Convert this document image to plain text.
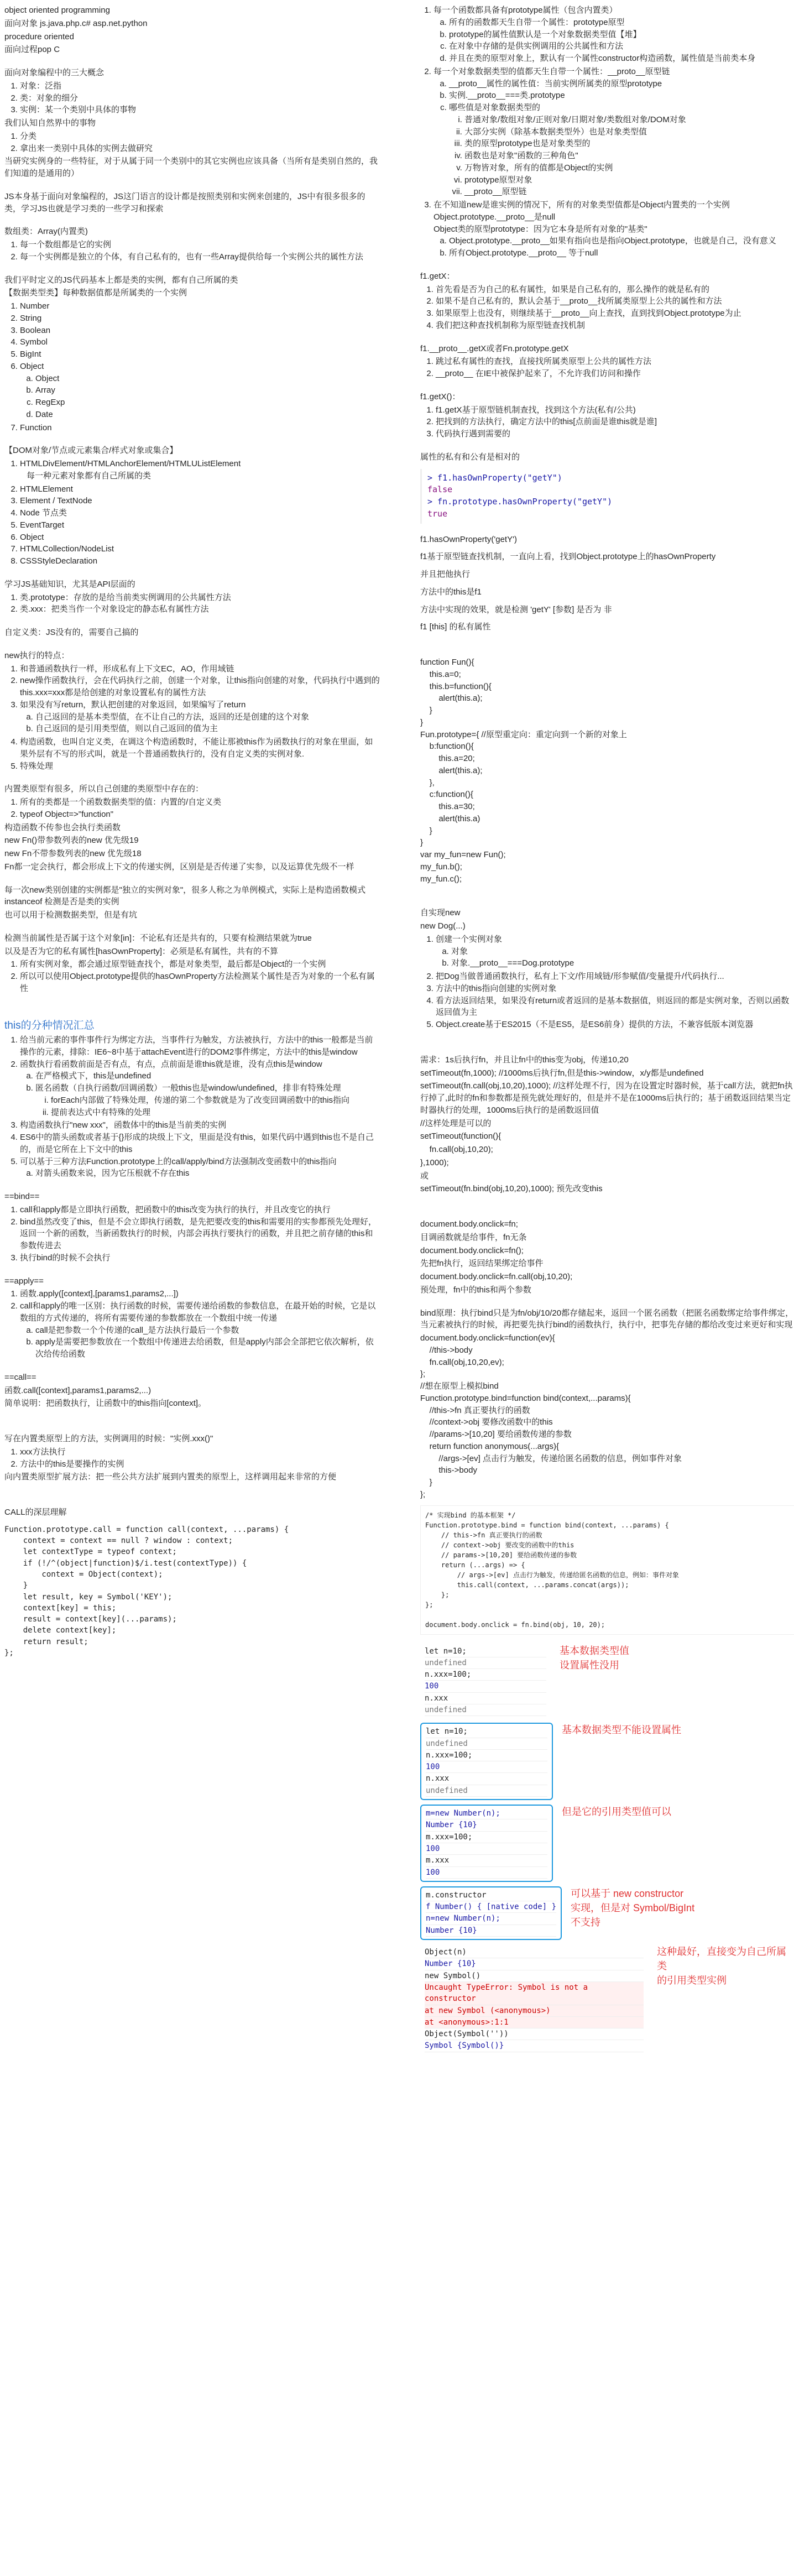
object oriented programming
面向对象 js.java.php.c# asp.net.python
procedure oriented
面向过程pop C
面向对象编程中的三大概念
1. 对象：泛指
2. 类：对象的细分
3. 实例：某一个类别中具体的事物
我们认知自然界中的事物
1. 分类
2. 拿出来一类别中具体的实例去做研究
当研究实例身的一些特征，对于从属于同一个类别中的其它实例也应该具备（当所有是类别自然的，我们知道的是通用的）
JS本身基于面向对象编程的，JS这门语言的设计都是按照类别和实例来创建的，JS中有很多很多的类，学习JS也就是学习类的一些学习和探索
数组类：Array(内置类)
1. 每一个数组都是它的实例
2. 每一个实例都是独立的个体，有自己私有的，也有一些Array提供给每一个实例公共的属性方法
我们平时定义的JS代码基本上都是类的实例，都有自己所属的类
【数据类型类】每种数据值都是所属类的一个实例
1. Number
2. String
3. Boolean
4. Symbol
5. BigInt
6. Object
a. Object
b. Array
c. RegExp
d. Date
7. Function
【DOM对象/节点或元素集合/样式对象或集合】
1. HTMLDivElement/HTMLAnchorElement/HTMLUListElement
每一种元素对象都有自己所属的类
2. HTMLElement
3. Element / TextNode
4. Node 节点类
5. EventTarget
6. Object
7. HTMLCollection/NodeList
8. CSSStyleDeclaration
学习JS基础知识，尤其是API层面的
1. 类.prototype：存放的是给当前类实例调用的公共属性方法
2. 类.xxx：把类当作一个对象设定的静态私有属性方法
自定义类：JS没有的，需要自己搞的
new执行的特点：
1. 和普通函数执行一样，形成私有上下文EC，AO，作用域链
2. new操作函数执行，会在代码执行之前，创建一个对象，让this指向创建的对象，代码执行中遇到的this.xxx=xxx都是给创建的对象设置私有的属性方法
3. 如果没有写return，默认把创建的对象返回，如果编写了return
a. 自己返回的是基本类型值，在不让自己的方法，返回的还是创建的这个对象
b. 自己返回的是引用类型值，则以自己返回的值为主
4. 构造函数，也叫自定义类，在调这个构造函数时，不能让那被this作为函数执行的对象在里面，如果外层有不写的形式叫，就是一个普通函数执行的，没有自定义类的实例对象.
5. 特殊处理
内置类原型有很多，所以自己创建的类原型中存在的：
1. 所有的类都是一个函数数据类型的值：内置的/自定义类
2. typeof Object=>"function"
构造函数不传参也会执行类函数
new Fn()带参数列表的new 优先级19
new Fn不带参数列表的new 优先级18
Fn都一定会执行，都会形成上下文的传递实例，区别是是否传递了实参，以及运算优先级不一样
每一次new类别创建的实例都是"独立的实例对象"，很多人称之为单例模式，实际上是构造函数模式instanceof 检测是否是类的实例
也可以用于检测数据类型，但是有坑
检测当前属性是否属于这个对象[in]：不论私有还是共有的，只要有检测结果就为true
以及是否为它的私有属性[hasOwnProperty]：必须是私有属性，共有的不算
1. 所有实例对象，都会通过原型链查找个，都是对象类型，最后都是Object的一个实例
2. 所以可以使用Object.prototype提供的hasOwnProperty方法检测某个属性是否为对象的一个私有属性
this的分种情况汇总
1. 给当前元素的事件事件行为绑定方法，当事件行为触发，方法被执行，方法中的this一般都是当前操作的元素，排除：IE6~8中基于attachEvent进行的DOM2事件绑定，方法中的this是window
2. 函数执行看函数前面是否有点，有点，点前面是谁this就是谁，没有点this是window
a. 在严格模式下，this是undefined
b. 匿名函数（自执行函数/回调函数）一般this也是window/undefined，排非有特殊处理
i. forEach内部做了特殊处理，传递的第二个参数就是为了改变回调函数中的this指向
ii. 提前表达式中有特殊的处理
3. 构造函数执行"new xxx"，函数体中的this是当前类的实例
4. ES6中的箭头函数或者基于{}形成的块级上下文，里面是没有this，如果代码中遇到this也不是自己的，而是它所在上下文中的this
5. 可以基于三种方法Function.prototype上的call/apply/bind方法强制改变函数中的this指向
a. 对箭头函数来说，因为它压根就不存在this
==bind==
1. call和apply都是立即执行函数，把函数中的this改变为执行的执行，并且改变它的执行
2. bind虽然改变了this，但是不会立即执行函数，是先把要改变的this和需要用的实参都预先处理好，返回一个新的函数，当新函数执行的时候，内部会再执行要执行的函数，并且把之前存储的this和参数传进去
3. 执行bind的时候不会执行
==apply==
1. 函数.apply([context],[params1,params2,...])
2. call和apply的唯一区别：执行函数的时候，需要传递给函数的参数信息，在最开始的时候，它是以数组的方式传递的，将所有需要传递的参数都放在一个数组中统一传递
a. call是把参数一个个传递的call_是方法执行最后一个参数
b. apply是需要把参数放在一个数组中传递进去给函数，但是apply内部会全部把它依次解析，依次给传给函数
==call==
函数.call([context],params1,params2,...)
简单说明：把函数执行，让函数中的this指向[context]。
写在内置类原型上的方法，实例调用的时候："实例.xxx()"
1. xxx方法执行
2. 方法中的this是要操作的实例
向内置类原型扩展方法：把一些公共方法扩展到内置类的原型上，这样调用起来非常的方便
CALL的深层理解
Function.prototype.call = function call(context, ...params) {
context = context == null ? window : context;
let contextType = typeof context;
if (!/^(object|function)$/i.test(contextType)) {
context = Object(context);
}
let result, key = Symbol('KEY');
context[key] = this;
result = context[key](...params);
delete context[key];
return result;
};
1. 每一个函数都具备有prototype属性（包含内置类）
a. 所有的函数都天生自带一个属性：prototype原型
b. prototype的属性值默认是一个对象数据类型值【堆】
c. 在对象中存储的是供实例调用的公共属性和方法
d. 并且在类的原型对象上，默认有一个属性constructor构造函数，属性值是当前类本身
2. 每一个对象数据类型的值都天生自带一个属性：__proto__原型链
a. __proto__属性的属性值：当前实例所属类的原型prototype
b. 实例.__proto__===类.prototype
c. 哪些值是对象数据类型的
i. 普通对象/数组对象/正则对象/日期对象/类数组对象/DOM对象
ii. 大部分实例（除基本数据类型外）也是对象类型值
iii. 类的原型prototype也是对象类型的
iv. 函数也是对象"函数的三种角色"
v. 万物皆对象，所有的值都是Object的实例
vi. prototype原型对象
vii. __proto__原型链
3. 在不知道new是谁实例的情况下，所有的对象类型值都是Object内置类的一个实例
Object.prototype.__proto__是null
Object类的原型prototype：因为它本身是所有对象的"基类"
a. Object.prototype.__proto__如果有指向也是指向Object.prototype，也就是自己，没有意义
b. 所有Object.prototype.__proto__ 等于null
f1.getX：
1. 首先看是否为自己的私有属性，如果是自己私有的，那么操作的就是私有的
2. 如果不是自己私有的，默认会基于__proto__找所属类原型上公共的属性和方法
3. 如果原型上也没有，则继续基于__proto__向上查找，直到找到Object.prototype为止
4. 我们把这种查找机制称为原型链查找机制
f1.__proto__.getX或者Fn.prototype.getX
1. 跳过私有属性的查找，直接找所属类原型上公共的属性方法
2. __proto__ 在IE中被保护起来了，不允许我们访问和操作
f1.getX()：
1. f1.getX基于原型链机制查找，找到这个方法(私有/公共)
2. 把找到的方法执行，确定方法中的this[点前面是谁this就是谁]
3. 代码执行遇到需要的
属性的私有和公有是相对的
> f1.hasOwnProperty("getY")
false
> fn.prototype.hasOwnProperty("getY")
true
f1.hasOwnProperty('getY')
f1基于原型链查找机制，一直向上看，找到Object.prototype上的hasOwnProperty
并且把他执行
方法中的this是f1
方法中实现的效果，就是检测 'getY' [参数] 是否为 非
f1 [this] 的私有属性
function Fun(){
this.a=0;
this.b=function(){
alert(this.a);
}
}
Fun.prototype={ //原型重定向：重定向到一个新的对象上
b:function(){
this.a=20;
alert(this.a);
},
c:function(){
this.a=30;
alert(this.a)
}
}
var my_fun=new Fun();
my_fun.b();
my_fun.c();
自实现new
new Dog(...)
1. 创建一个实例对象
a. 对象
b. 对象.__proto__===Dog.prototype
2. 把Dog当做普通函数执行，私有上下文/作用域链/形参赋值/变量提升/代码执行...
3. 方法中的this指向创建的实例对象
4. 看方法返回结果，如果没有return或者返回的是基本数据值，则返回的都是实例对象，否则以函数返回值为主
5. Object.create基于ES2015（不是ES5，是ES6前身）提供的方法，不兼容低版本浏览器
需求：1s后执行fn，并且让fn中的this变为obj，传递10,20
setTimeout(fn,1000); //1000ms后执行fn,但是this->window，x/y都是undefined
setTimeout(fn.call(obj,10,20),1000); //这样处理不行，因为在设置定时器时候，基于call方法，就把fn执行掉了,此时的fn和参数都是预先就处理好的，但是并不是在1000ms后执行的；基于函数返回结果当定时器执行的处理，1000ms后执行的是函数返回值
//这样处理是可以的
setTimeout(function(){
fn.call(obj,10,20);
},1000);
或
setTimeout(fn.bind(obj,10,20),1000); 预先改变this
document.body.onclick=fn;
目调函数就是给事件，fn无条
document.body.onclick=fn();
先把fn执行，返回结果绑定给事件
document.body.onclick=fn.call(obj,10,20);
预处理，fn中的this和两个参数
bind原理：执行bind只是为fn/obj/10/20都存储起来，返回一个匿名函数（把匿名函数绑定给事件绑定，当元素被执行的时候，再把要先执行bind的函数执行，执行中，把事先存储的都给改变过来更好和实现
document.body.onclick=function(ev){
//this->body
fn.call(obj,10,20,ev);
};
//想在原型上模拟bind
Function.prototype.bind=function bind(context,...params){
//this->fn 真正要执行的函数
//context->obj 要修改函数中的this
//params->[10,20] 要给函数传递的参数
return function anonymous(...args){
//args->[ev] 点击行为触发，传递给匿名函数的信息，例如事件对象
this->body
}
};
/* 实现bind 的基本框架 */
Function.prototype.bind = function bind(context, ...params) {
// this->fn 真正要执行的函数
// context->obj 要改变的函数中的this
// params->[10,20] 要给函数传递的参数
return (...args) => {
// args->[ev] 点击行为触发，传递给匿名函数的信息，例如：事件对象
this.call(context, ...params.concat(args));
};
};

document.body.onclick = fn.bind(obj, 10, 20);
let n=10;
undefined
n.xxx=100;
100
n.xxx
undefined
基本数据类型值
设置属性没用
let n=10;
undefined
n.xxx=100;
100
n.xxx
undefined
基本数据类型不能设置属性
m=new Number(n);
Number {10}
m.xxx=100;
100
m.xxx
100
但是它的引用类型值可以
m.constructor
f Number() { [native code] }
n=new Number(n);
Number {10}
可以基于 new constructor
实现，但是对 Symbol/BigInt
不支持
Object(n)
Number {10}
new Symbol()
Uncaught TypeError: Symbol is not a constructor
at new Symbol (<anonymous>)
at <anonymous>:1:1
Object(Symbol(''))
Symbol {Symbol()}
这种最好，直接变为自己所属类
的引用类型实例
